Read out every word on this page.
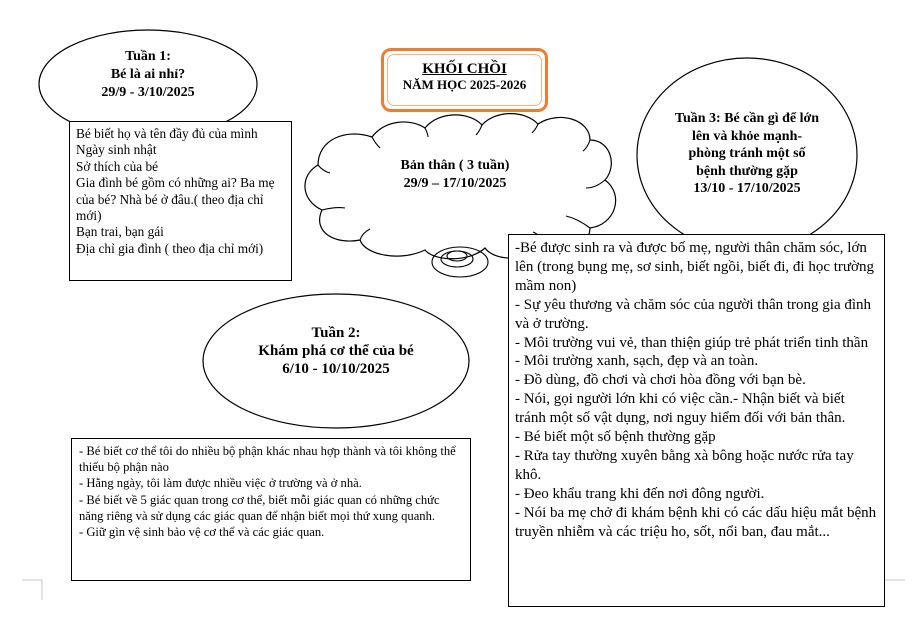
Tuần 1:
Bé là ai nhỉ?
29/9 - 3/10/2025
KHỐI CHỒI
NĂM HỌC 2025-2026
Bé biết họ và tên đầy đủ của mình
Ngày sinh nhật
Sở thích của bé
Gia đình bé gồm có những ai? Ba mẹ của bé? Nhà bé ở đâu.( theo địa chỉ mới)
Bạn trai, bạn gái
Địa chỉ gia đình ( theo địa chỉ mới)
Bản thân ( 3 tuần)
29/9 – 17/10/2025
Tuần 3: Bé cần gì để lớn
lên và khỏe mạnh-
phòng tránh một số
bệnh thường gặp
13/10 - 17/10/2025
-Bé được sinh ra và được bố mẹ, người thân chăm sóc, lớn lên (trong bụng mẹ, sơ sinh, biết ngồi, biết đi, đi học trường mầm non)
- Sự yêu thương và chăm sóc của người thân trong gia đình và ở trường.
- Môi trường vui vẻ, than thiện giúp trẻ phát triển tinh thần
- Môi trường xanh, sạch, đẹp và an toàn.
- Đồ dùng, đồ chơi và chơi hòa đồng với bạn bè.
- Nói, gọi người lớn khi có việc cần.- Nhận biết và biết tránh một số vật dụng, nơi nguy hiểm đối với bản thân.
- Bé biết một số bệnh thường gặp
- Rửa tay thường xuyên bằng xà bông hoặc nước rửa tay khô.
- Đeo khẩu trang khi đến nơi đông người.
- Nói ba mẹ chở đi khám bệnh khi có các dấu hiệu mắt bệnh truyền nhiễm và các triệu ho, sốt, nổi ban, đau mắt...
Tuần 2:
Khám phá cơ thể của bé
6/10 - 10/10/2025
- Bé biết cơ thể tôi do nhiều bộ phận khác nhau hợp thành và tôi không thể thiếu bộ phận nào
- Hằng ngày, tôi làm được nhiều việc ở trường và ở nhà.
- Bé biết về 5 giác quan trong cơ thể, biết mỗi giác quan có những chức năng riêng và sử dụng các giác quan để nhận biết mọi thứ xung quanh.
- Giữ gìn vệ sinh bảo vệ cơ thể và các giác quan.
